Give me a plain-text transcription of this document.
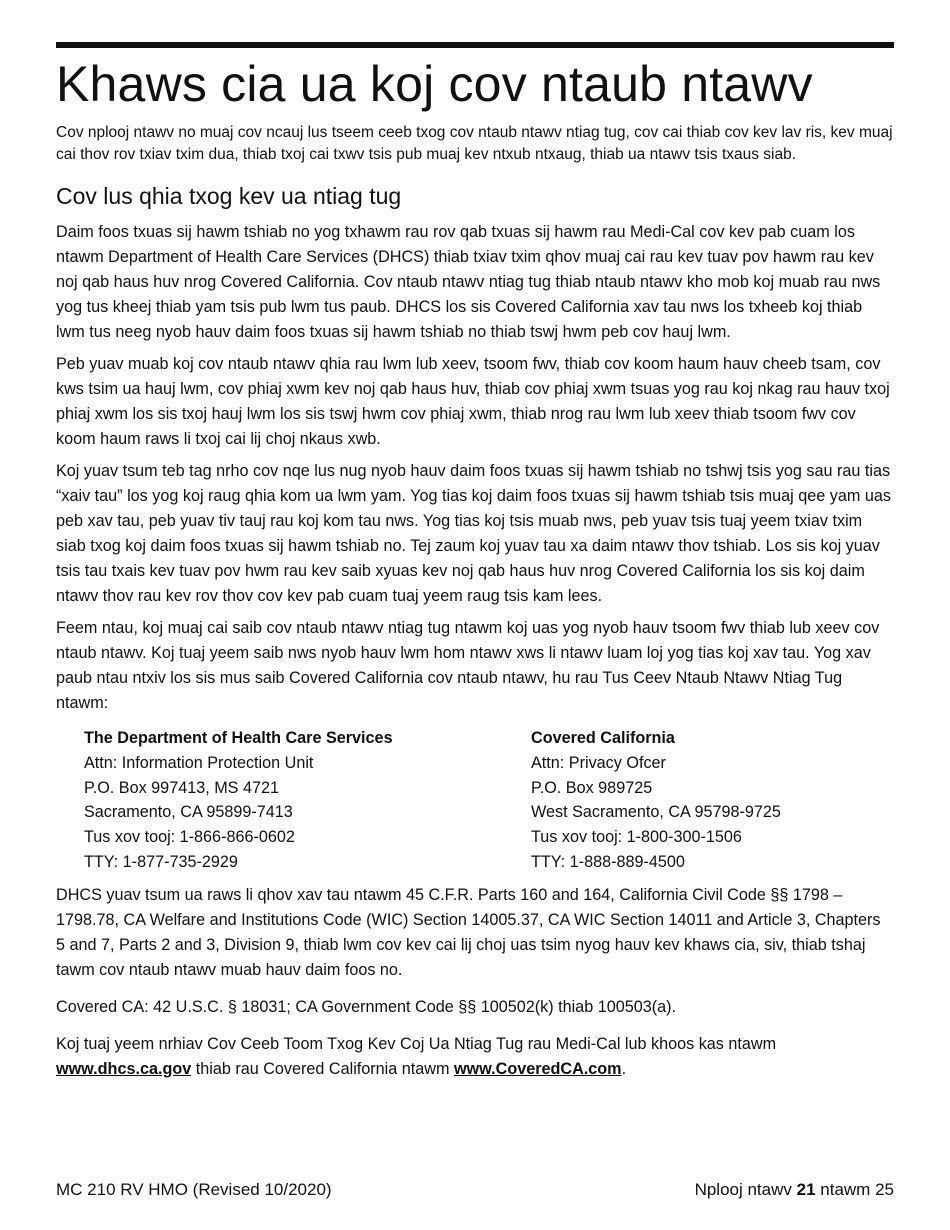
Khaws cia ua koj cov ntaub ntawv

Cov nplooj ntawv no muaj cov ncauj lus tseem ceeb txog cov ntaub ntawv ntiag tug, cov cai thiab cov kev lav ris, kev muaj cai thov rov txiav txim dua, thiab txoj cai txwv tsis pub muaj kev ntxub ntxaug, thiab ua ntawv tsis txaus siab.

Cov lus qhia txog kev ua ntiag tug

Daim foos txuas sij hawm tshiab no yog txhawm rau rov qab txuas sij hawm rau Medi-Cal cov kev pab cuam los ntawm Department of Health Care Services (DHCS) thiab txiav txim qhov muaj cai rau kev tuav pov hawm rau kev noj qab haus huv nrog Covered California. Cov ntaub ntawv ntiag tug thiab ntaub ntawv kho mob koj muab rau nws yog tus kheej thiab yam tsis pub lwm tus paub. DHCS los sis Covered California xav tau nws los txheeb koj thiab lwm tus neeg nyob hauv daim foos txuas sij hawm tshiab no thiab tswj hwm peb cov hauj lwm.

Peb yuav muab koj cov ntaub ntawv qhia rau lwm lub xeev, tsoom fwv, thiab cov koom haum hauv cheeb tsam, cov kws tsim ua hauj lwm, cov phiaj xwm kev noj qab haus huv, thiab cov phiaj xwm tsuas yog rau koj nkag rau hauv txoj phiaj xwm los sis txoj hauj lwm los sis tswj hwm cov phiaj xwm, thiab nrog rau lwm lub xeev thiab tsoom fwv cov koom haum raws li txoj cai lij choj nkaus xwb.

Koj yuav tsum teb tag nrho cov nqe lus nug nyob hauv daim foos txuas sij hawm tshiab no tshwj tsis yog sau rau tias “xaiv tau” los yog koj raug qhia kom ua lwm yam. Yog tias koj daim foos txuas sij hawm tshiab tsis muaj qee yam uas peb xav tau, peb yuav tiv tauj rau koj kom tau nws. Yog tias koj tsis muab nws, peb yuav tsis tuaj yeem txiav txim siab txog koj daim foos txuas sij hawm tshiab no. Tej zaum koj yuav tau xa daim ntawv thov tshiab. Los sis koj yuav tsis tau txais kev tuav pov hwm rau kev saib xyuas kev noj qab haus huv nrog Covered California los sis koj daim ntawv thov rau kev rov thov cov kev pab cuam tuaj yeem raug tsis kam lees.

Feem ntau, koj muaj cai saib cov ntaub ntawv ntiag tug ntawm koj uas yog nyob hauv tsoom fwv thiab lub xeev cov ntaub ntawv. Koj tuaj yeem saib nws nyob hauv lwm hom ntawv xws li ntawv luam loj yog tias koj xav tau. Yog xav paub ntau ntxiv los sis mus saib Covered California cov ntaub ntawv, hu rau Tus Ceev Ntaub Ntawv Ntiag Tug ntawm:

The Department of Health Care Services
Attn: Information Protection Unit
P.O. Box 997413, MS 4721
Sacramento, CA 95899-7413
Tus xov tooj: 1-866-866-0602
TTY: 1-877-735-2929
Covered California
Attn: Privacy Ofcer
P.O. Box 989725
West Sacramento, CA 95798-9725
Tus xov tooj: 1-800-300-1506
TTY: 1-888-889-4500

DHCS yuav tsum ua raws li qhov xav tau ntawm 45 C.F.R. Parts 160 and 164, California Civil Code §§ 1798 – 1798.78, CA Welfare and Institutions Code (WIC) Section 14005.37, CA WIC Section 14011 and Article 3, Chapters 5 and 7, Parts 2 and 3, Division 9, thiab lwm cov kev cai lij choj uas tsim nyog hauv kev khaws cia, siv, thiab tshaj tawm cov ntaub ntawv muab hauv daim foos no.

Covered CA: 42 U.S.C. § 18031; CA Government Code §§ 100502(k) thiab 100503(a).

Koj tuaj yeem nrhiav Cov Ceeb Toom Txog Kev Coj Ua Ntiag Tug rau Medi-Cal lub khoos kas ntawm www.dhcs.ca.gov thiab rau Covered California ntawm www.CoveredCA.com.

MC 210 RV HMO (Revised 10/2020)	Nplooj ntawv 21 ntawm 25
